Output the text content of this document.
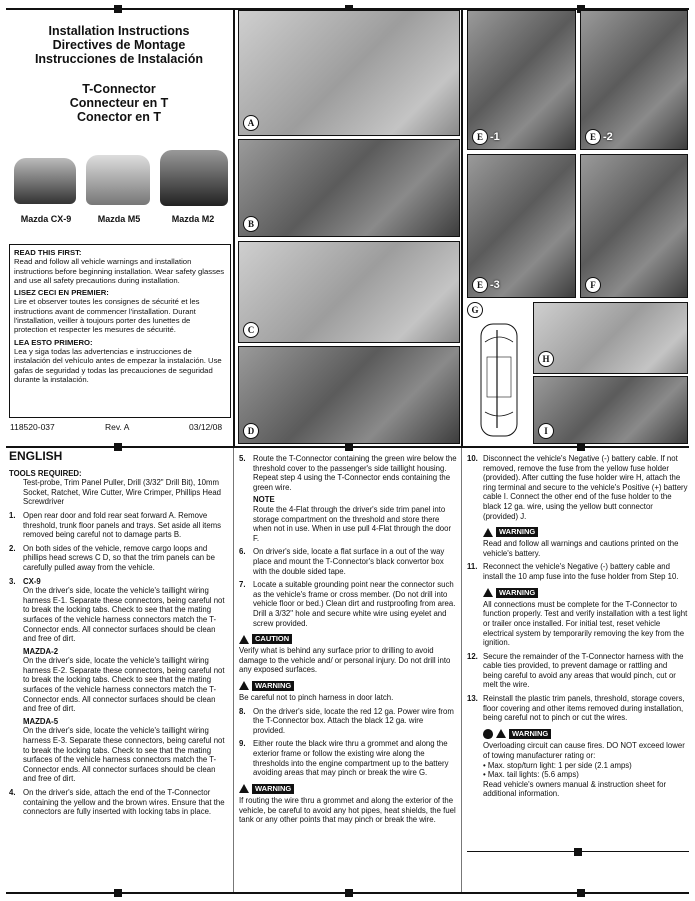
Installation Instructions
Directives de Montage
Instrucciones de Instalación
T-Connector
Connecteur en T
Conector en T
Mazda CX-9	Mazda M5	Mazda M2
READ THIS FIRST:
Read and follow all vehicle warnings and installation instructions before beginning installation. Wear safety glasses and use all safety precautions during installation.
LISEZ CECI EN PREMIER:
Lire et observer toutes les consignes de sécurité et les instructions avant de commencer l'installation. Durant l'installation, veiller à toujours porter des lunettes de protection et respecter les mesures de sécurité.
LEA ESTO PRIMERO:
Lea y siga todas las advertencias e instrucciones de instalación del vehículo antes de empezar la instalación. Use gafas de seguridad y todas las precauciones de seguridad durante la instalación.
118520-037	Rev. A	03/12/08
A
B
C
D
E -1	E -2
E -3	F
G
H
I
ENGLISH
TOOLS REQUIRED:
Test-probe, Trim Panel Puller, Drill (3/32" Drill Bit), 10mm Socket, Ratchet, Wire Cutter, Wire Crimper, Phillips Head Screwdriver
1. Open rear door and fold rear seat forward A. Remove threshold, trunk floor panels and trays. Set aside all items removed being careful not to damage parts B.
2. On both sides of the vehicle, remove cargo loops and phillips head screws C D, so that the trim panels can be carefully pulled away from the vehicle.
3. CX-9
On the driver's side, locate the vehicle's taillight wiring harness E-1. Separate these connectors, being careful not to break the locking tabs. Check to see that the mating surfaces of the vehicle harness connectors match the T-Connector ends. All connector surfaces should be clean and free of dirt.
MAZDA-2
On the driver's side, locate the vehicle's taillight wiring harness E-2. Separate these connectors, being careful not to break the locking tabs. Check to see that the mating surfaces of the vehicle harness connectors match the T-Connector ends. All connector surfaces should be clean and free of dirt.
MAZDA-5
On the driver's side, locate the vehicle's taillight wiring harness E-3. Separate these connectors, being careful not to break the locking tabs. Check to see that the mating surfaces of the vehicle harness connectors match the T-Connector ends. All connector surfaces should be clean and free of dirt.
4. On the driver's side, attach the end of the T-Connector containing the yellow and the brown wires. Ensure that the connectors are fully inserted with locking tabs in place.
5. Route the T-Connector containing the green wire below the threshold cover to the passenger's side taillight housing. Repeat step 4 using the T-Connector ends containing the green wire.
NOTE
Route the 4-Flat through the driver's side trim panel into storage compartment on the threshold and store there when not in use. When in use pull 4-Flat through the door F.
6. On driver's side, locate a flat surface in a out of the way place and mount the T-Connector's black convertor box with the double sided tape.
7. Locate a suitable grounding point near the connector such as the vehicle's frame or cross member. (Do not drill into vehicle floor or bed.) Clean dirt and rustproofing from area. Drill a 3/32" hole and secure white wire using eyelet and screw provided.
CAUTION
Verify what is behind any surface prior to drilling to avoid damage to the vehicle and/ or personal injury. Do not drill into any exposed surfaces.
WARNING
Be careful not to pinch harness in door latch.
8. On the driver's side, locate the red 12 ga. Power wire from the T-Connector box. Attach the black 12 ga. wire provided.
9. Either route the black wire thru a grommet and along the exterior frame or follow the existing wire along the thresholds into the engine compartment up to the battery avoiding areas that may pinch or break the wire G.
WARNING
If routing the wire thru a grommet and along the exterior of the vehicle, be careful to avoid any hot pipes, heat shields, the fuel tank or any other points that may pinch or break the wire.
10. Disconnect the vehicle's Negative (-) battery cable. If not removed, remove the fuse from the yellow fuse holder (provided). After cutting the fuse holder wire H, attach the ring terminal and secure to the vehicle's Positive (+) battery cable I. Connect the other end of the fuse holder to the black 12 ga. wire, using the yellow butt connector (provided) J.
WARNING
Read and follow all warnings and cautions printed on the vehicle's battery.
11. Reconnect the vehicle's Negative (-) battery cable and install the 10 amp fuse into the fuse holder from Step 10.
WARNING
All connections must be complete for the T-Connector to function properly. Test and verify installation with a test light or trailer once installed. For initial test, reset vehicle electrical system by temporarily removing the key from the ignition.
12. Secure the remainder of the T-Connector harness with the cable ties provided, to prevent damage or rattling and being careful to avoid any areas that would pinch, cut or melt the wire.
13. Reinstall the plastic trim panels, threshold, storage covers, floor covering and other items removed during installation, being careful not to pinch or cut the wires.
WARNING
Overloading circuit can cause fires. DO NOT exceed lower of towing manufacturer rating or:
• Max. stop/turn light: 1 per side (2.1 amps)
• Max. tail lights: (5.6 amps)
Read vehicle's owners manual & instruction sheet for additional information.
